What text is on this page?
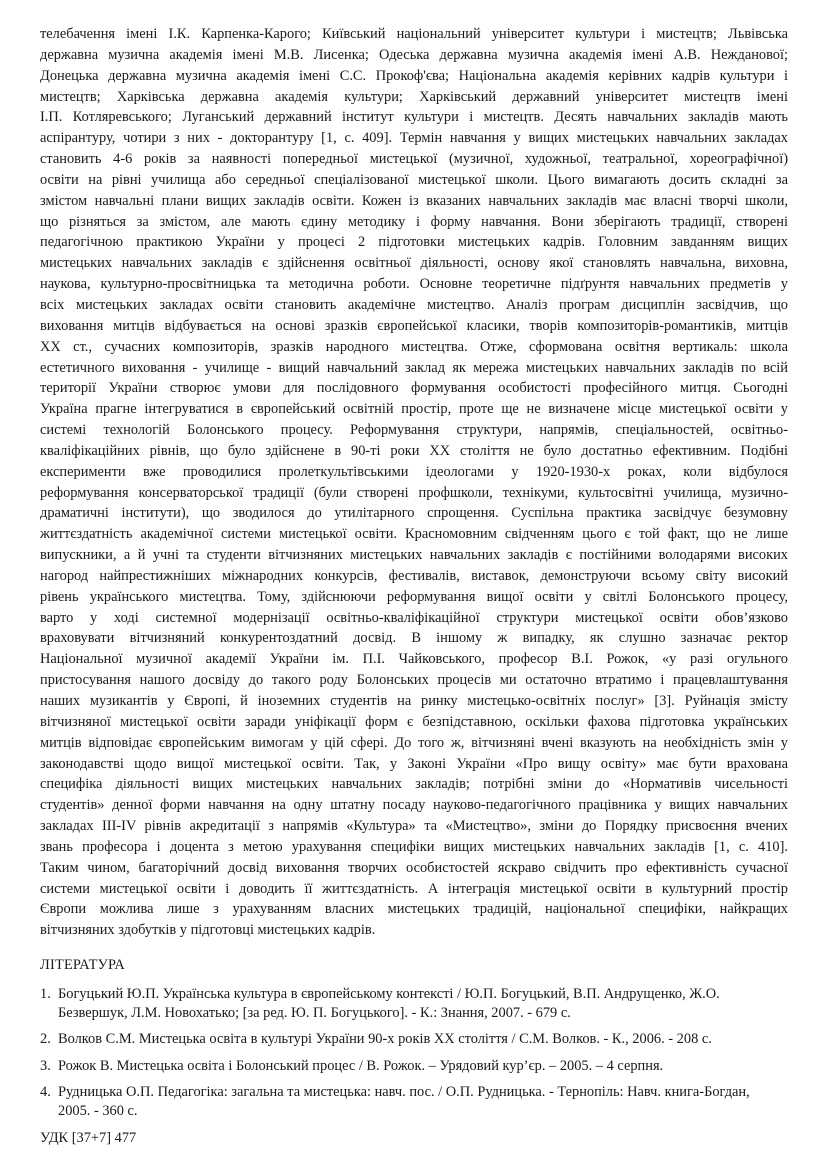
телебачення імені І.К. Карпенка-Карого; Київський національний університет культури і мистецтв; Львівська
державна музична академія імені М.В. Лисенка; Одеська державна музична академія імені А.В. Нежданової;
Донецька державна музична академія імені С.С. Прокоф'єва; Національна академія керівних кадрів культури і
мистецтв; Харківська державна академія культури; Харківський державний університет мистецтв імені
І.П. Котляревського; Луганський державний інститут культури і мистецтв. Десять навчальних закладів мають
аспірантуру, чотири з них - докторантуру [1, с. 409]. Термін навчання у вищих мистецьких навчальних закладах
становить 4-6 років за наявності попередньої мистецької (музичної, художньої, театральної, хореографічної)
освіти на рівні училища або середньої спеціалізованої мистецької школи. Цього вимагають досить складні за
змістом навчальні плани вищих закладів освіти. Кожен із вказаних навчальних закладів має власні творчі школи,
що різняться за змістом, але мають єдину методику і форму навчання. Вони зберігають традиції, створені
педагогічною практикою України у процесі 2 підготовки мистецьких кадрів. Головним завданням вищих
мистецьких навчальних закладів є здійснення освітньої діяльності, основу якої становлять навчальна, виховна,
наукова, культурно-просвітницька та методична роботи. Основне теоретичне підґрунтя навчальних предметів у
всіх мистецьких закладах освіти становить академічне мистецтво. Аналіз програм дисциплін засвідчив, що
виховання митців відбувається на основі зразків європейської класики, творів композиторів-романтиків, митців
XX ст., сучасних композиторів, зразків народного мистецтва. Отже, сформована освітня вертикаль: школа
естетичного виховання - училище - вищий навчальний заклад як мережа мистецьких навчальних закладів по всій
території України створює умови для послідовного формування особистості професійного митця. Сьогодні
Україна прагне інтегруватися в європейський освітній простір, проте ще не визначене місце мистецької освіти у
системі технологій Болонського процесу. Реформування структури, напрямів, спеціальностей, освітньо-
кваліфікаційних рівнів, що було здійснене в 90-ті роки XX століття не було достатньо ефективним. Подібні
експерименти вже проводилися пролеткультівськими ідеологами у 1920-1930-х роках, коли відбулося
реформування консерваторської традиції (були створені профшколи, технікуми, культосвітні училища, музично-
драматичні інститути), що зводилося до утилітарного спрощення. Суспільна практика засвідчує безумовну
життєздатність академічної системи мистецької освіти. Красномовним свідченням цього є той факт, що не лише
випускники, а й учні та студенти вітчизняних мистецьких навчальних закладів є постійними володарями високих
нагород найпрестижніших міжнародних конкурсів, фестивалів, виставок, демонструючи всьому світу високий
рівень українського мистецтва. Тому, здійснюючи реформування вищої освіти у світлі Болонського процесу,
варто у ході системної модернізації освітньо-кваліфікаційної структури мистецької освіти обов’язково
враховувати вітчизняний конкурентоздатний досвід. В іншому ж випадку, як слушно зазначає ректор
Національної музичної академії України ім. П.І. Чайковського, професор В.І. Рожок, «у разі огульного
пристосування нашого досвіду до такого роду Болонських процесів ми остаточно втратимо і працевлаштування
наших музикантів у Європі, й іноземних студентів на ринку мистецько-освітніх послуг» [3]. Руйнація змісту
вітчизняної мистецької освіти заради уніфікації форм є безпідставною, оскільки фахова підготовка українських
митців відповідає європейським вимогам у цій сфері. До того ж, вітчизняні вчені вказують на необхідність змін у
законодавстві щодо вищої мистецької освіти. Так, у Законі України «Про вищу освіту» має бути врахована
специфіка діяльності вищих мистецьких навчальних закладів; потрібні зміни до «Нормативів чисельності
студентів» денної форми навчання на одну штатну посаду науково-педагогічного працівника у вищих навчальних
закладах III-IV рівнів акредитації з напрямів «Культура» та «Мистецтво», зміни до Порядку присвоєння вчених
звань професора і доцента з метою урахування специфіки вищих мистецьких навчальних закладів [1, с. 410].
Таким чином, багаторічний досвід виховання творчих особистостей яскраво свідчить про ефективність сучасної
системи мистецької освіти і доводить її життєздатність. А інтеграція мистецької освіти в культурний простір
Європи можлива лише з урахуванням власних мистецьких традицій, національної специфіки, найкращих
вітчизняних здобутків у підготовці мистецьких кадрів.
ЛІТЕРАТУРА
1. Богуцький Ю.П. Українська культура в європейському контексті / Ю.П. Богуцький, В.П. Андрущенко, Ж.О. Безвершук, Л.М. Новохатько; [за ред. Ю. П. Богуцького]. - К.: Знання, 2007. - 679 с.
2. Волков С.М. Мистецька освіта в культурі України 90-х років XX століття / С.М. Волков. - К., 2006. - 208 с.
3. Рожок В. Мистецька освіта і Болонський процес / В. Рожок. – Урядовий кур’єр. – 2005. – 4 серпня.
4. Рудницька О.П. Педагогіка: загальна та мистецька: навч. пос. / О.П. Рудницька. - Тернопіль: Навч. книга-Богдан, 2005. - 360 с.
УДК [37+7] 477
